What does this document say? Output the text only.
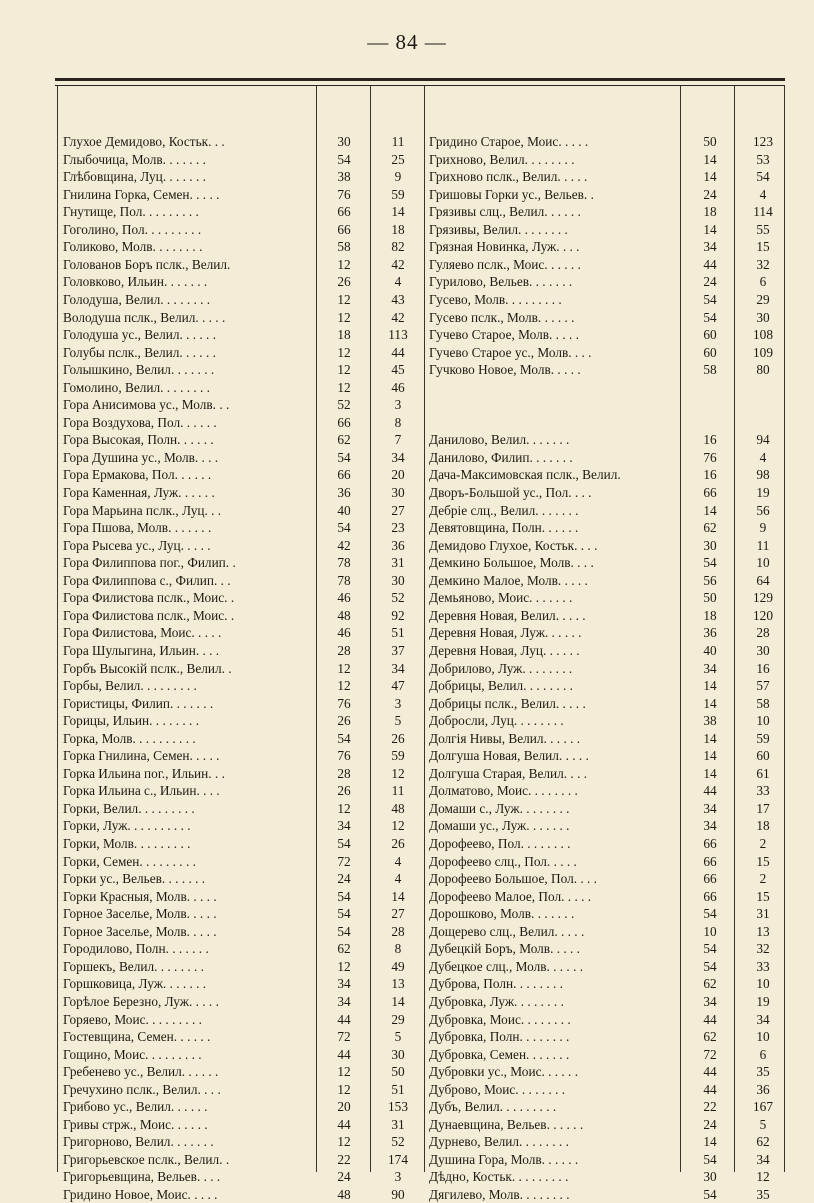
— 84 —
Глухое Демидово, Костьк. . .	30	11
Глыбочица, Молв. . . . . . .	54	25
Глѣбовщина, Луц. . . . . . .	38	9
Гнилина Горка, Семен. . . . .	76	59
Гнутище, Пол. . . . . . . . .	66	14
Гоголино, Пол. . . . . . . . .	66	18
Голиково, Молв. . . . . . . .	58	82
Голованов Боръ пслк., Велил.	12	42
Головково, Ильин. . . . . . .	26	4
Голодуша, Велил. . . . . . . .	12	43
Володуша пслк., Велил. . . . .	12	42
Голодуша ус., Велил. . . . . .	18	113
Голубы пслк., Велил. . . . . .	12	44
Голышкино, Велил. . . . . . .	12	45
Гомолино, Велил. . . . . . . .	12	46
Гора Анисимова ус., Молв. . .	52	3
Гора Воздухова, Пол. . . . . .	66	8
Гора Высокая, Полн. . . . . .	62	7
Гора Душина ус., Молв. . . .	54	34
Гора Ермакова, Пол. . . . . .	66	20
Гора Каменная, Луж. . . . . .	36	30
Гора Марьина пслк., Луц. . .	40	27
Гора Пшова, Молв. . . . . . .	54	23
Гора Рысева ус., Луц. . . . .	42	36
Гора Филиппова пог., Филип. .	78	31
Гора Филиппова с., Филип. . .	78	30
Гора Филистова пслк., Моис. .	46	52
Гора Филистова пслк., Моис. .	48	92
Гора Филистова, Моис. . . . .	46	51
Гора Шулыгина, Ильин. . . .	28	37
Горбъ Высокій пслк., Велил. .	12	34
Горбы, Велил. . . . . . . . .	12	47
Гористицы, Филип. . . . . . .	76	3
Горицы, Ильин. . . . . . . .	26	5
Горка, Молв. . . . . . . . . .	54	26
Горка Гнилина, Семен. . . . .	76	59
Горка Ильина пог., Ильин. . .	28	12
Горка Ильина с., Ильин. . . .	26	11
Горки, Велил. . . . . . . . .	12	48
Горки, Луж. . . . . . . . . .	34	12
Горки, Молв. . . . . . . . .	54	26
Горки, Семен. . . . . . . . .	72	4
Горки ус., Вельев. . . . . . .	24	4
Горки Красныя, Молв. . . . .	54	14
Горное Заселье, Молв. . . . .	54	27
Горное Заселье, Молв. . . . .	54	28
Городилово, Полн. . . . . . .	62	8
Горшекъ, Велил. . . . . . . .	12	49
Горшковица, Луж. . . . . . .	34	13
Горѣлое Березно, Луж. . . . .	34	14
Горяево, Моис. . . . . . . . .	44	29
Гостевщина, Семен. . . . . .	72	5
Гощино, Моис. . . . . . . . .	44	30
Гребенево ус., Велил. . . . . .	12	50
Гречухино пслк., Велил. . . .	12	51
Грибово ус., Велил. . . . . .	20	153
Гривы стрж., Моис. . . . . .	44	31
Григорново, Велил. . . . . . .	12	52
Григорьевское пслк., Велил. .	22	174
Григорьевщина, Вельев. . . .	24	3
Гридино Новое, Моис. . . . .	48	90
Гридино Старое, Моис. . . . .	50	123
Грихново, Велил. . . . . . . .	14	53
Грихново пслк., Велил. . . . .	14	54
Гришовы Горки ус., Вельев. .	24	4
Грязивы слц., Велил. . . . . .	18	114
Грязивы, Велил. . . . . . . .	14	55
Грязная Новинка, Луж. . . .	34	15
Гуляево пслк., Моис. . . . . .	44	32
Гурилово, Вельев. . . . . . .	24	6
Гусево, Молв. . . . . . . . .	54	29
Гусево пслк., Молв. . . . . .	54	30
Гучево Старое, Молв. . . . .	60	108
Гучево Старое ус., Молв. . . .	60	109
Гучково Новое, Молв. . . . .	58	80
Данилово, Велил. . . . . . .	16	94
Данилово, Филип. . . . . . .	76	4
Дача-Максимовская пслк., Велил.	16	98
Дворъ-Большой ус., Пол. . . .	66	19
Дебріе слц., Велил. . . . . . .	14	56
Девятовщина, Полн. . . . . .	62	9
Демидово Глухое, Костьк. . . .	30	11
Демкино Большое, Молв. . . .	54	10
Демкино Малое, Молв. . . . .	56	64
Демьяново, Моис. . . . . . .	50	129
Деревня Новая, Велил. . . . .	18	120
Деревня Новая, Луж. . . . . .	36	28
Деревня Новая, Луц. . . . . .	40	30
Добрилово, Луж. . . . . . . .	34	16
Добрицы, Велил. . . . . . . .	14	57
Добрицы пслк., Велил. . . . .	14	58
Добросли, Луц. . . . . . . .	38	10
Долгія Нивы, Велил. . . . . .	14	59
Долгуша Новая, Велил. . . . .	14	60
Долгуша Старая, Велил. . . .	14	61
Долматово, Моис. . . . . . . .	44	33
Домаши с., Луж. . . . . . . .	34	17
Домаши ус., Луж. . . . . . .	34	18
Дорофеево, Пол. . . . . . . .	66	2
Дорофеево слц., Пол. . . . .	66	15
Дорофеево Большое, Пол. . . .	66	2
Дорофеево Малое, Пол. . . . .	66	15
Дорошково, Молв. . . . . . .	54	31
Дощерево слц., Велил. . . . .	10	13
Дубецкій Боръ, Молв. . . . .	54	32
Дубецкое слц., Молв. . . . . .	54	33
Дуброва, Полн. . . . . . . .	62	10
Дубровка, Луж. . . . . . . .	34	19
Дубровка, Моис. . . . . . . .	44	34
Дубровка, Полн. . . . . . . .	62	10
Дубровка, Семен. . . . . . .	72	6
Дубровки ус., Моис. . . . . .	44	35
Дуброво, Моис. . . . . . . .	44	36
Дубъ, Велил. . . . . . . . .	22	167
Дунаевщина, Вельев. . . . . .	24	5
Дурнево, Велил. . . . . . . .	14	62
Душина Гора, Молв. . . . . .	54	34
Дѣдно, Костьк. . . . . . . . .	30	12
Дягилево, Молв. . . . . . . .	54	35
